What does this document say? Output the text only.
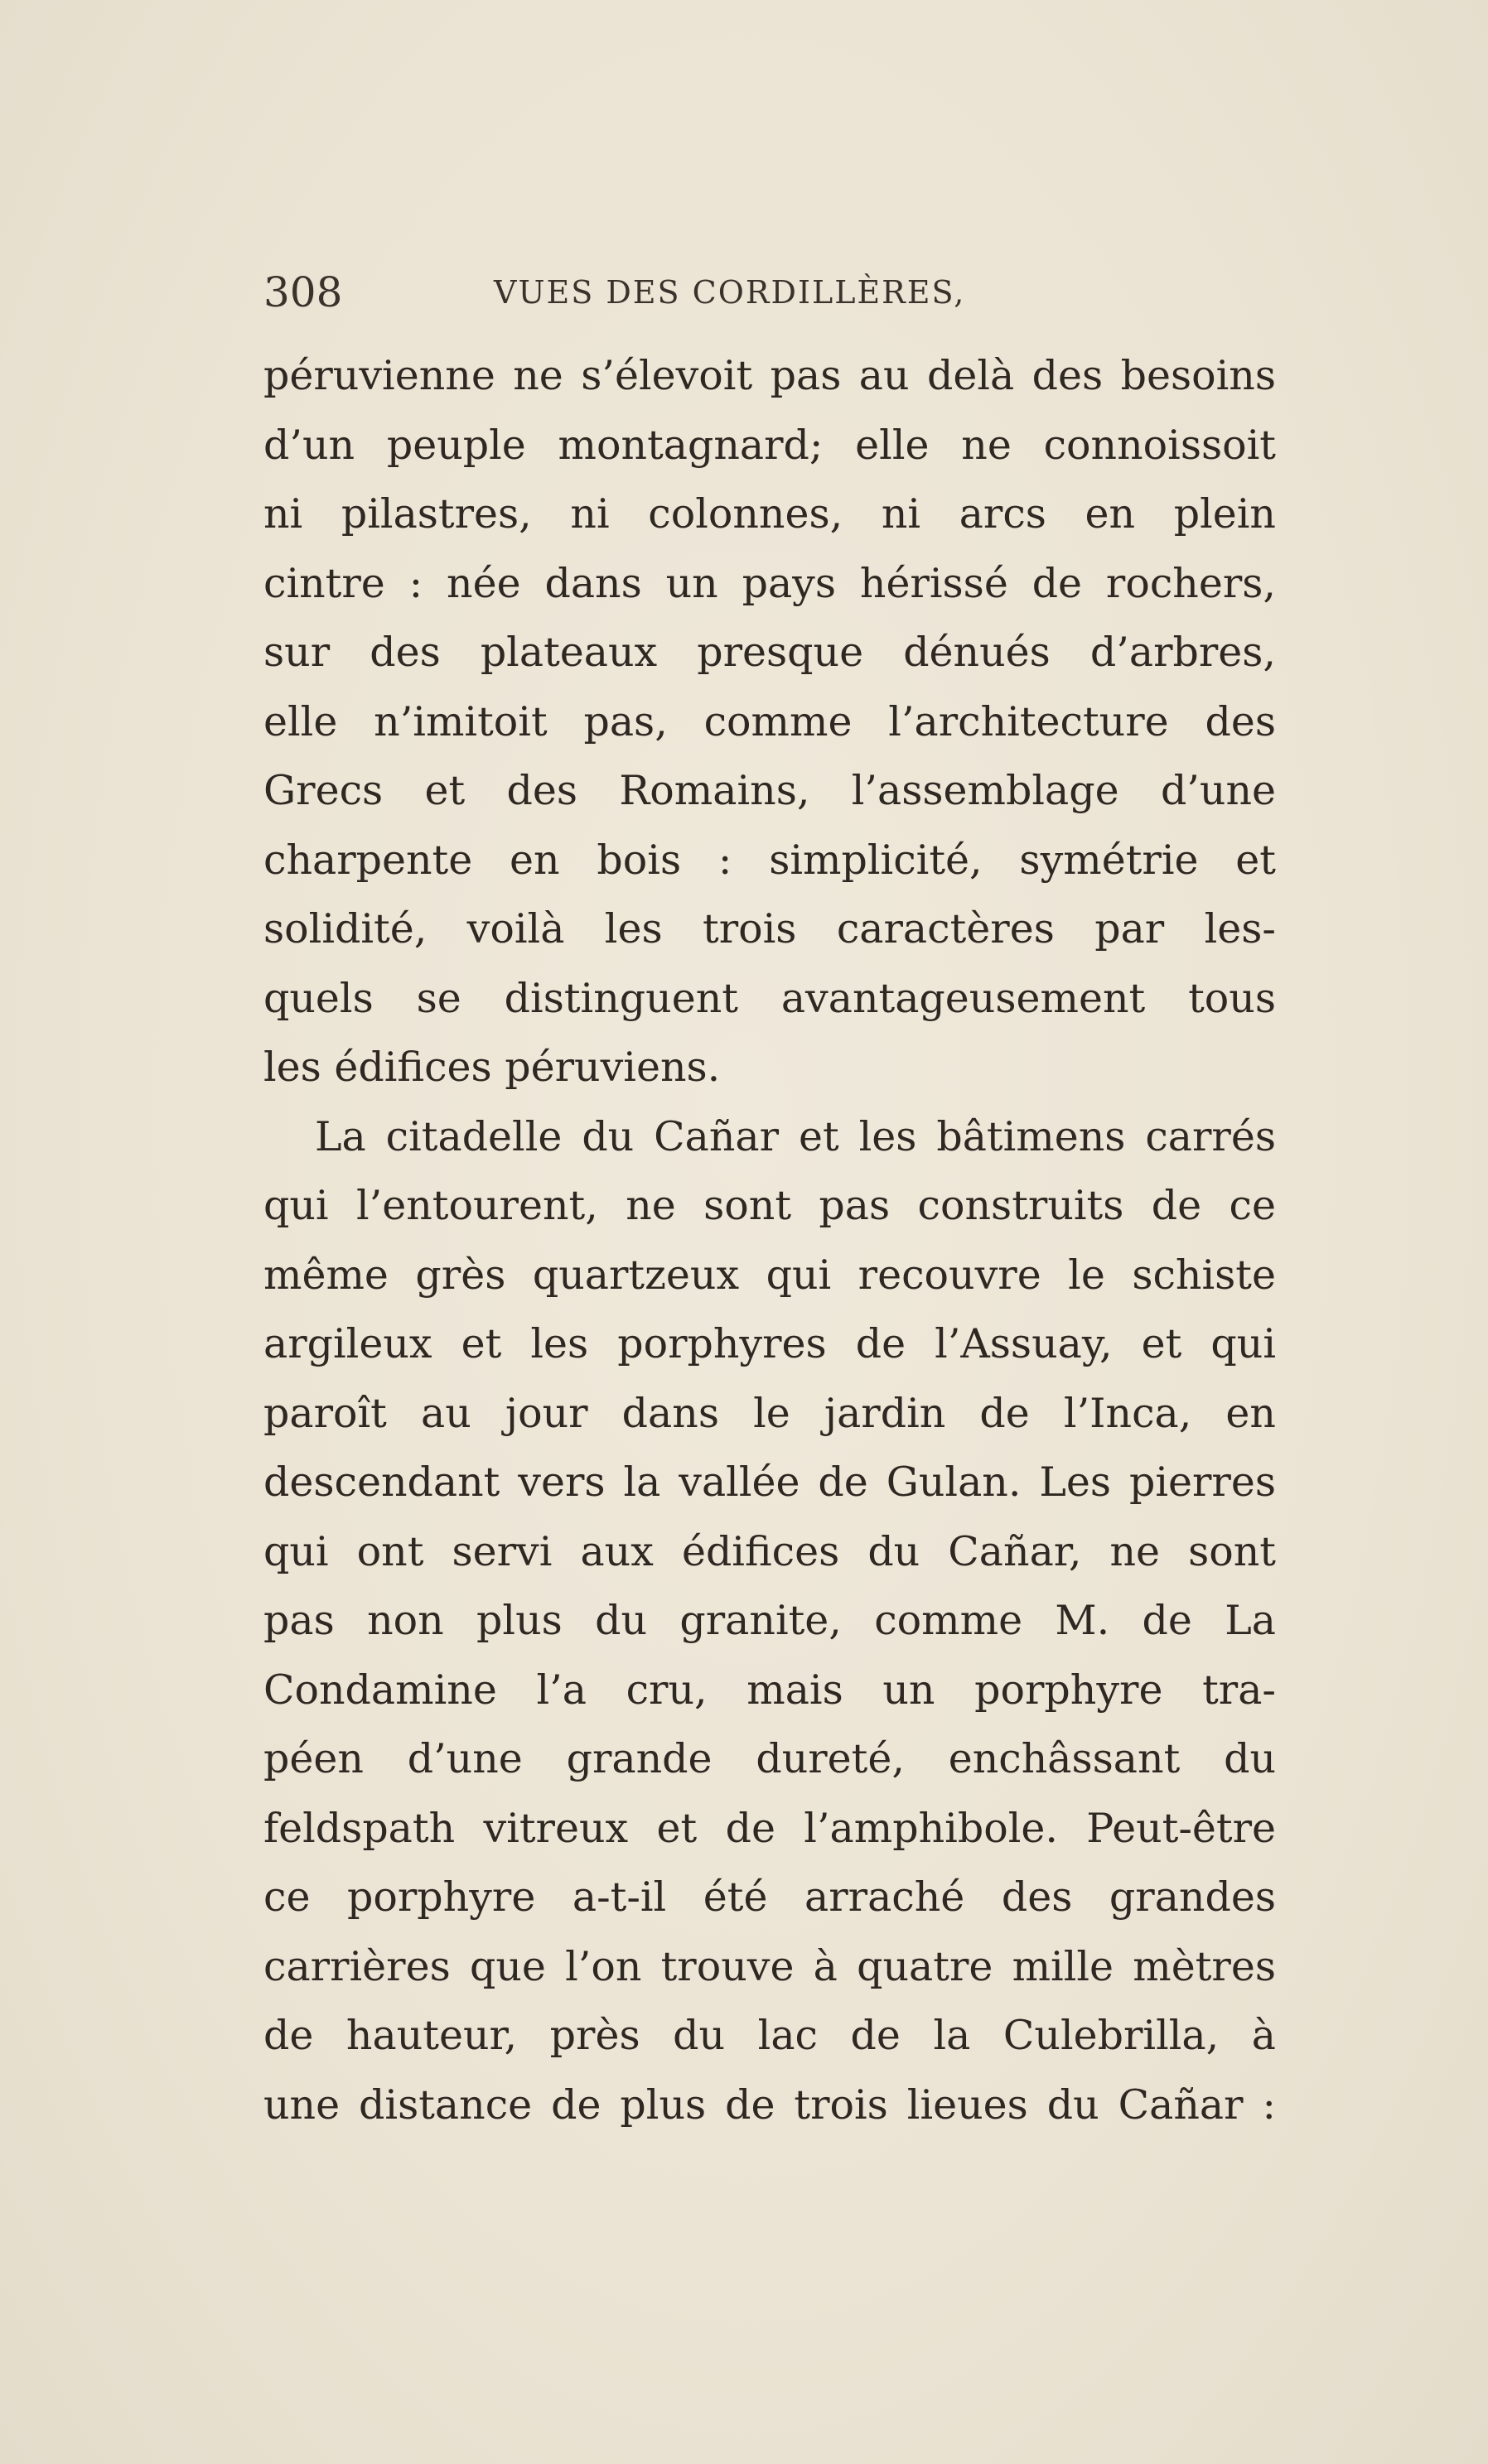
308	VUES DES CORDILLÈRES,
péruvienne ne s’élevoit pas au delà des besoins
d’un peuple montagnard; elle ne connoissoit
ni pilastres, ni colonnes, ni arcs en plein
cintre : née dans un pays hérissé de rochers,
sur des plateaux presque dénués d’arbres,
elle n’imitoit pas, comme l’architecture des
Grecs et des Romains, l’assemblage d’une
charpente en bois : simplicité, symétrie et
solidité, voilà les trois caractères par les-
quels se distinguent avantageusement tous
les édifices péruviens.
La citadelle du Cañar et les bâtimens carrés
qui l’entourent, ne sont pas construits de ce
même grès quartzeux qui recouvre le schiste
argileux et les porphyres de l’Assuay, et qui
paroît au jour dans le jardin de l’Inca, en
descendant vers la vallée de Gulan. Les pierres
qui ont servi aux édifices du Cañar, ne sont
pas non plus du granite, comme M. de La
Condamine l’a cru, mais un porphyre tra-
péen d’une grande dureté, enchâssant du
feldspath vitreux et de l’amphibole. Peut-être
ce porphyre a-t-il été arraché des grandes
carrières que l’on trouve à quatre mille mètres
de hauteur, près du lac de la Culebrilla, à
une distance de plus de trois lieues du Cañar :
